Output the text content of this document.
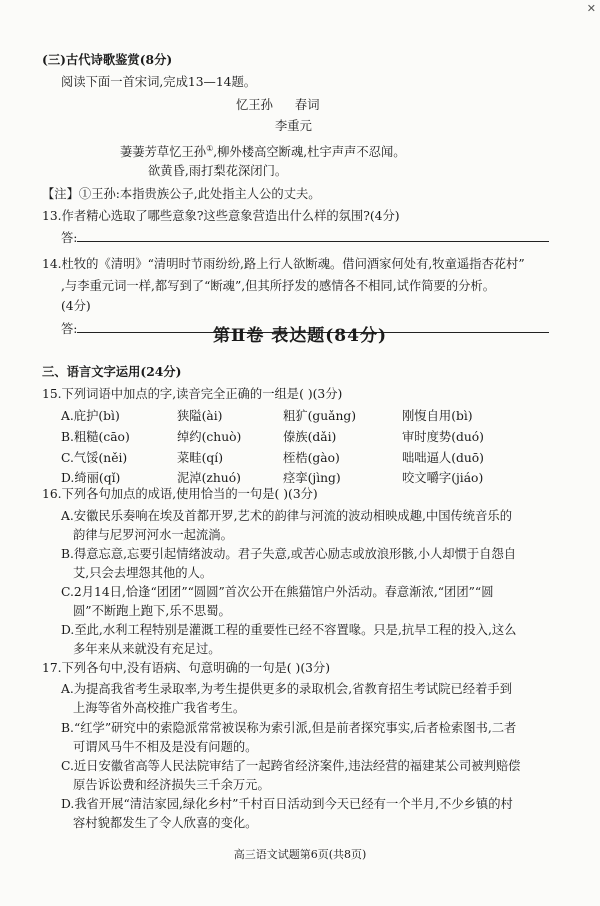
✕
(三)古代诗歌鉴赏(8分)
阅读下面一首宋词,完成13—14题。
忆王孙 春词
李重元
萋萋芳草忆王孙①,柳外楼高空断魂,杜宇声声不忍闻。
欲黄昏,雨打梨花深闭门。
【注】①王孙:本指贵族公子,此处指主人公的丈夫。
13.作者精心选取了哪些意象?这些意象营造出什么样的氛围?(4分)
答:
14.杜牧的《清明》“清明时节雨纷纷,路上行人欲断魂。借问酒家何处有,牧童遥指杏花村”
,与李重元词一样,都写到了“断魂”,但其所抒发的感情各不相同,试作简要的分析。
(4分)
答:	第Ⅱ卷 表达题(84分)
三、语言文字运用(24分)
15.下列词语中加点的字,读音完全正确的一组是( )(3分)
A.庇护(bì)	狭隘(ài)	粗犷(guǎng)	刚愎自用(bì)
B.粗糙(cāo)	绰约(chuò)	傣族(dǎi)	审时度势(duó)
C.气馁(něi)	菜畦(qí)	桎梏(gào)	咄咄逼人(duō)
D.绮丽(qǐ)	泥淖(zhuó)	痉挛(jìng)	咬文嚼字(jiáo)
16.下列各句加点的成语,使用恰当的一句是( )(3分)
A.安徽民乐奏响在埃及首都开罗,艺术的韵律与河流的波动相映成趣,中国传统音乐的
韵律与尼罗河河水一起流淌。
B.得意忘意,忘要引起情绪波动。君子失意,或苦心励志或放浪形骸,小人却惯于自怨自
艾,只会去埋怨其他的人。
C.2月14日,恰逢“团团”“圆圆”首次公开在熊猫馆户外活动。春意渐浓,“团团”“圆
圆”不断跑上跑下,乐不思蜀。
D.至此,水利工程特别是灌溉工程的重要性已经不容置喙。只是,抗旱工程的投入,这么
多年来从来就没有充足过。
17.下列各句中,没有语病、句意明确的一句是( )(3分)
A.为提高我省考生录取率,为考生提供更多的录取机会,省教育招生考试院已经着手到
上海等省外高校推广我省考生。
B.“红学”研究中的索隐派常常被误称为索引派,但是前者探究事实,后者检索图书,二者
可谓风马牛不相及是没有问题的。
C.近日安徽省高等人民法院审结了一起跨省经济案件,违法经营的福建某公司被判赔偿
原告诉讼费和经济损失三千余万元。
D.我省开展“清洁家园,绿化乡村”千村百日活动到今天已经有一个半月,不少乡镇的村
容村貌都发生了令人欣喜的变化。
高三语文试题第6页(共8页)
